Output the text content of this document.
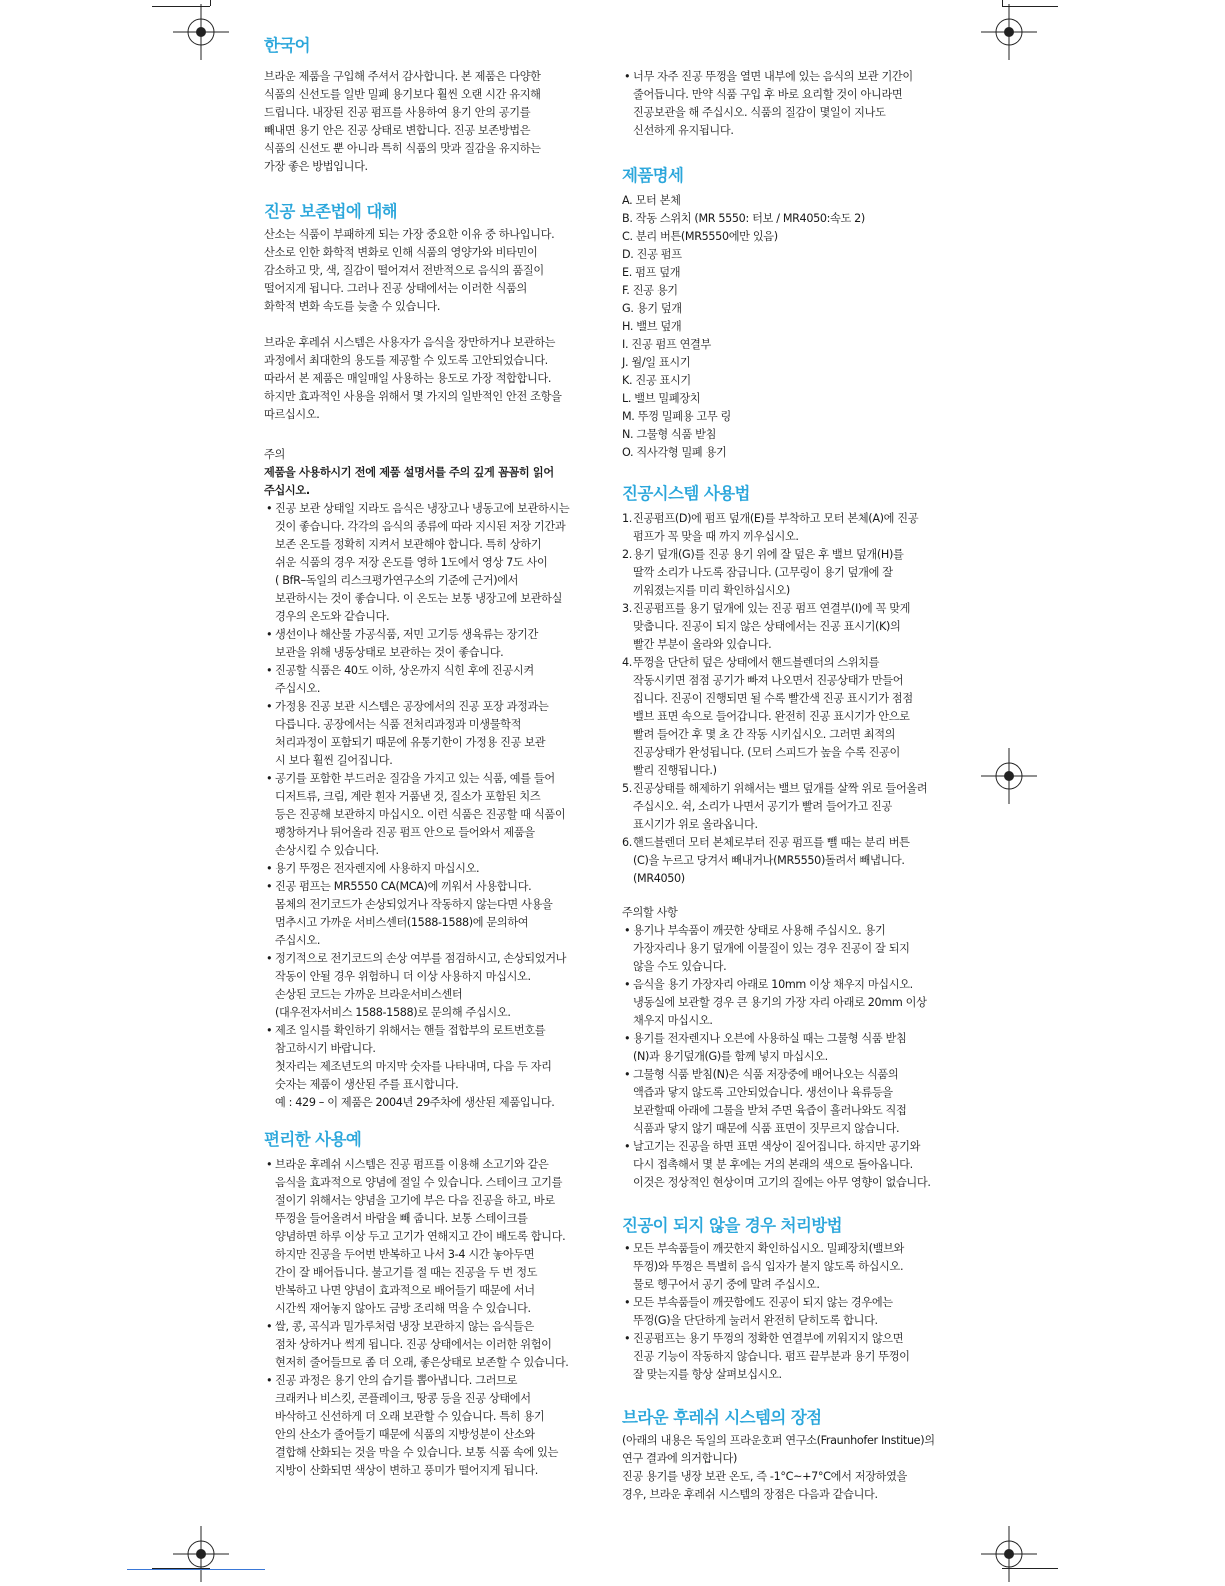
한국어

브라운 제품을 구입해 주셔서 감사합니다. 본 제품은 다양한
식품의 신선도를 일반 밀폐 용기보다 훨씬 오랜 시간 유지해
드립니다. 내장된 진공 펌프를 사용하여 용기 안의 공기를
빼내면 용기 안은 진공 상태로 변합니다. 진공 보존방법은
식품의 신선도 뿐 아니라 특히 식품의 맛과 질감을 유지하는
가장 좋은 방법입니다.

진공 보존법에 대해

산소는 식품이 부패하게 되는 가장 중요한 이유 중 하나입니다.
산소로 인한 화학적 변화로 인해 식품의 영양가와 비타민이
감소하고 맛, 색, 질감이 떨어져서 전반적으로 음식의 품질이
떨어지게 됩니다. 그러나 진공 상태에서는 이러한 식품의
화학적 변화 속도를 늦출 수 있습니다.

브라운 후레쉬 시스템은 사용자가 음식을 장만하거나 보관하는
과정에서 최대한의 용도를 제공할 수 있도록 고안되었습니다.
따라서 본 제품은 매일매일 사용하는 용도로 가장 적합합니다.
하지만 효과적인 사용을 위해서 몇 가지의 일반적인 안전 조항을
따르십시오.

주의

제품을 사용하시기 전에 제품 설명서를 주의 깊게 꼼꼼히 읽어
주십시오.

• 진공 보관 상태일 지라도 음식은 냉장고나 냉동고에 보관하시는
것이 좋습니다. 각각의 음식의 종류에 따라 지시된 저장 기간과
보존 온도를 정확히 지켜서 보관해야 합니다. 특히 상하기
쉬운 식품의 경우 저장 온도를 영하 1도에서 영상 7도 사이
( BfR–독일의 리스크평가연구소의 기준에 근거)에서
보관하시는 것이 좋습니다. 이 온도는 보통 냉장고에 보관하실
경우의 온도와 같습니다.

• 생선이나 해산물 가공식품, 저민 고기등 생육류는 장기간
보관을 위해 냉동상태로 보관하는 것이 좋습니다.

• 진공할 식품은 40도 이하, 상온까지 식힌 후에 진공시켜
주십시오.

• 가정용 진공 보관 시스템은 공장에서의 진공 포장 과정과는
다릅니다. 공장에서는 식품 전처리과정과 미생물학적
처리과정이 포함되기 때문에 유통기한이 가정용 진공 보관
시 보다 훨씬 길어집니다.

• 공기를 포함한 부드러운 질감을 가지고 있는 식품, 예를 들어
디저트류, 크림, 계란 흰자 거품낸 것, 질소가 포함된 치즈
등은 진공해 보관하지 마십시오. 이런 식품은 진공할 때 식품이
팽창하거나 튀어올라 진공 펌프 안으로 들어와서 제품을
손상시킬 수 있습니다.

• 용기 뚜껑은 전자렌지에 사용하지 마십시오.

• 진공 펌프는 MR5550 CA(MCA)에 끼워서 사용합니다.
몸체의 전기코드가 손상되었거나 작동하지 않는다면 사용을
멈추시고 가까운 서비스센터(1588-1588)에 문의하여
주십시오.

• 정기적으로 전기코드의 손상 여부를 점검하시고, 손상되었거나
작동이 안될 경우 위험하니 더 이상 사용하지 마십시오.
손상된 코드는 가까운 브라운서비스센터
(대우전자서비스 1588-1588)로 문의해 주십시오.

• 제조 일시를 확인하기 위해서는 핸들 접합부의 로트번호를
참고하시기 바랍니다.
첫자리는 제조년도의 마지막 숫자를 나타내며, 다음 두 자리
숫자는 제품이 생산된 주를 표시합니다.
예 : 429 – 이 제품은 2004년 29주차에 생산된 제품입니다.

편리한 사용예

• 브라운 후레쉬 시스템은 진공 펌프를 이용해 소고기와 같은
음식을 효과적으로 양념에 절일 수 있습니다. 스테이크 고기를
절이기 위해서는 양념을 고기에 부은 다음 진공을 하고, 바로
뚜껑을 들어올려서 바람을 빼 줍니다. 보통 스테이크를
양념하면 하루 이상 두고 고기가 연해지고 간이 배도록 합니다.
하지만 진공을 두어번 반복하고 나서 3-4 시간 놓아두면
간이 잘 배어듭니다. 불고기를 절 때는 진공을 두 번 정도
반복하고 나면 양념이 효과적으로 배어들기 때문에 서너
시간씩 재어놓지 않아도 금방 조리해 먹을 수 있습니다.

• 쌀, 콩, 곡식과 밀가루처럼 냉장 보관하지 않는 음식들은
점차 상하거나 썩게 됩니다. 진공 상태에서는 이러한 위험이
현저히 줄어들므로 좀 더 오래, 좋은상태로 보존할 수 있습니다.

• 진공 과정은 용기 안의 습기를 뽑아냅니다. 그러므로
크래커나 비스킷, 콘플레이크, 땅콩 등을 진공 상태에서
바삭하고 신선하게 더 오래 보관할 수 있습니다. 특히 용기
안의 산소가 줄어들기 때문에 식품의 지방성분이 산소와
결합해 산화되는 것을 막을 수 있습니다. 보통 식품 속에 있는
지방이 산화되면 색상이 변하고 풍미가 떨어지게 됩니다.

• 너무 자주 진공 뚜껑을 열면 내부에 있는 음식의 보관 기간이
줄어듭니다. 만약 식품 구입 후 바로 요리할 것이 아니라면
진공보관을 해 주십시오. 식품의 질감이 몇일이 지나도
신선하게 유지됩니다.

제품명세

A. 모터 본체

B. 작동 스위치 (MR 5550: 터보 / MR4050:속도 2)

C. 분리 버튼(MR5550에만 있음)

D. 진공 펌프

E. 펌프 덮개

F. 진공 용기

G. 용기 덮개

H. 밸브 덮개

I. 진공 펌프 연결부

J. 월/일 표시기

K. 진공 표시기

L. 밸브 밀폐장치

M. 뚜껑 밀폐용 고무 링

N. 그물형 식품 받침

O. 직사각형 밀폐 용기

진공시스템 사용법
1. 진공펌프(D)에 펌프 덮개(E)를 부착하고 모터 본체(A)에 진공
펌프가 꼭 맞을 때 까지 끼우십시오.
2. 용기 덮개(G)를 진공 용기 위에 잘 덮은 후 밸브 덮개(H)를
딸깍 소리가 나도록 잠급니다. (고무링이 용기 덮개에 잘
끼워졌는지를 미리 확인하십시오)
3. 진공펌프를 용기 덮개에 있는 진공 펌프 연결부(I)에 꼭 맞게
맞춥니다. 진공이 되지 않은 상태에서는 진공 표시기(K)의
빨간 부분이 올라와 있습니다.
4. 뚜껑을 단단히 덮은 상태에서 핸드블렌더의 스위치를
작동시키면 점점 공기가 빠져 나오면서 진공상태가 만들어
집니다. 진공이 진행되면 될 수록 빨간색 진공 표시기가 점점
밸브 표면 속으로 들어갑니다. 완전히 진공 표시기가 안으로
빨려 들어간 후 몇 초 간 작동 시키십시오. 그러면 최적의
진공상태가 완성됩니다. (모터 스피드가 높을 수록 진공이
빨리 진행됩니다.)
5. 진공상태를 해제하기 위해서는 밸브 덮개를 살짝 위로 들어올려
주십시오. 쉭, 소리가 나면서 공기가 빨려 들어가고 진공
표시기가 위로 올라옵니다.
6. 핸드블렌더 모터 본체로부터 진공 펌프를 뺄 때는 분리 버튼
(C)을 누르고 당겨서 빼내거나(MR5550)돌려서 빼냅니다.
(MR4050)

주의할 사항

• 용기나 부속품이 깨끗한 상태로 사용해 주십시오. 용기
가장자리나 용기 덮개에 이물질이 있는 경우 진공이 잘 되지
않을 수도 있습니다.

• 음식을 용기 가장자리 아래로 10mm 이상 채우지 마십시오.
냉동실에 보관할 경우 큰 용기의 가장 자리 아래로 20mm 이상
채우지 마십시오.

• 용기를 전자렌지나 오븐에 사용하실 때는 그물형 식품 받침
(N)과 용기덮개(G)를 함께 넣지 마십시오.

• 그물형 식품 받침(N)은 식품 저장중에 배어나오는 식품의
액즙과 닿지 않도록 고안되었습니다. 생선이나 육류등을
보관할때 아래에 그물을 받쳐 주면 육즙이 흘러나와도 직접
식품과 닿지 않기 때문에 식품 표면이 짓무르지 않습니다.

• 날고기는 진공을 하면 표면 색상이 짙어집니다. 하지만 공기와
다시 접촉해서 몇 분 후에는 거의 본래의 색으로 돌아옵니다.
이것은 정상적인 현상이며 고기의 질에는 아무 영향이 없습니다.

진공이 되지 않을 경우 처리방법

• 모든 부속품들이 깨끗한지 확인하십시오. 밀폐장치(밸브와
뚜껑)와 뚜껑은 특별히 음식 입자가 붙지 않도록 하십시오.
물로 헹구어서 공기 중에 말려 주십시오.

• 모든 부속품들이 깨끗함에도 진공이 되지 않는 경우에는
뚜껑(G)을 단단하게 눌러서 완전히 닫히도록 합니다.

• 진공펌프는 용기 뚜껑의 정확한 연결부에 끼워지지 않으면
진공 기능이 작동하지 않습니다. 펌프 끝부분과 용기 뚜껑이
잘 맞는지를 항상 살펴보십시오.

브라운 후레쉬 시스템의 장점

(아래의 내용은 독일의 프라운호퍼 연구소(Fraunhofer Institue)의
연구 결과에 의거합니다)
진공 용기를 냉장 보관 온도, 즉 -1°C~+7°C에서 저장하였을
경우, 브라운 후레쉬 시스템의 장점은 다음과 같습니다.
